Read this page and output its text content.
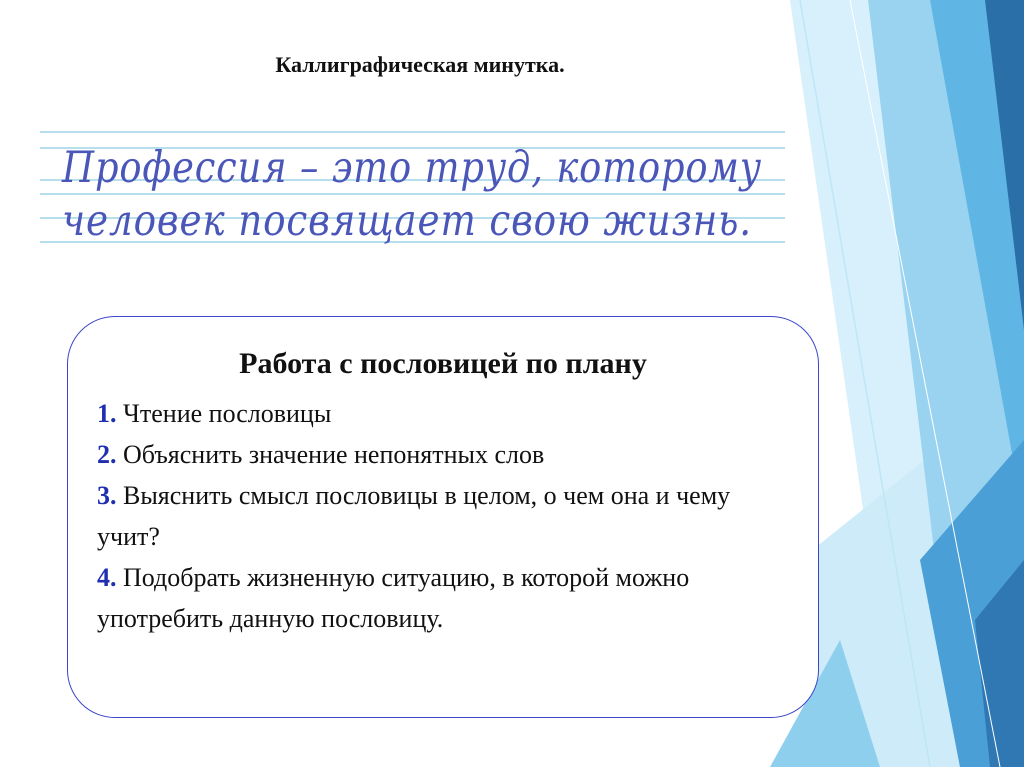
Каллиграфическая минутка.
Профессия – это труд, которому
человек посвящает свою жизнь.
Работа с пословицей по плану
1. Чтение пословицы
2. Объяснить значение непонятных слов
3. Выяснить смысл пословицы в целом, о чем она и чему учит?
4. Подобрать жизненную ситуацию, в которой можно употребить данную пословицу.
